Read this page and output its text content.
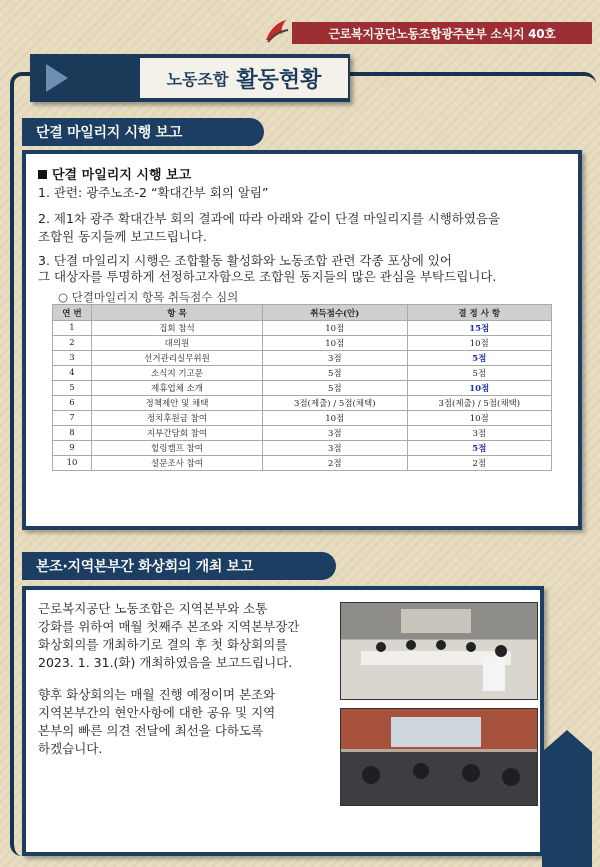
근로복지공단노동조합광주본부 소식지 40호
노동조합 활동현황
단결 마일리지 시행 보고
1. 관련: 광주노조-2 “확대간부 회의 알림”
2. 제1차 광주 확대간부 회의 결과에 따라 아래와 같이 단결 마일리지를 시행하였음을
조합원 동지들께 보고드립니다.
3. 단결 마일리지 시행은 조합활동 활성화와 노동조합 관련 각종 포상에 있어
그 대상자를 투명하게 선정하고자함으로 조합원 동지들의 많은 관심을 부탁드립니다.
○ 단결마일리지 항목 취득점수 심의
연 번	항 목	취득점수(안)	결 정 사 항
1	집회 참석	10점	15점
2	대의원	10점	10점
3	선거관리실무위원	3점	5점
4	소식지 기고문	5점	5점
5	제휴업체 소개	5점	10점
6	정책제안 및 채택	3점(제출) / 5점(채택)	3점(제출) / 5점(채택)
7	정치후원금 참여	10점	10점
8	지부간담회 참여	3점	3점
9	힐링캠프 참여	3점	5점
10	설문조사 참여	2점	2점
단결 마일리지 시행 보고
근로복지공단 노동조합은 지역본부와 소통
강화를 위하여 매월 첫째주 본조와 지역본부장간
화상회의를 개최하기로 결의 후 첫 화상회의를
2023. 1. 31.(화) 개최하였음을 보고드립니다.
향후 화상회의는 매월 진행 예정이며 본조와
지역본부간의 현안사항에 대한 공유 및 지역
본부의 빠른 의견 전달에 최선을 다하도록
하겠습니다.
본조·지역본부간 화상회의 개최 보고
